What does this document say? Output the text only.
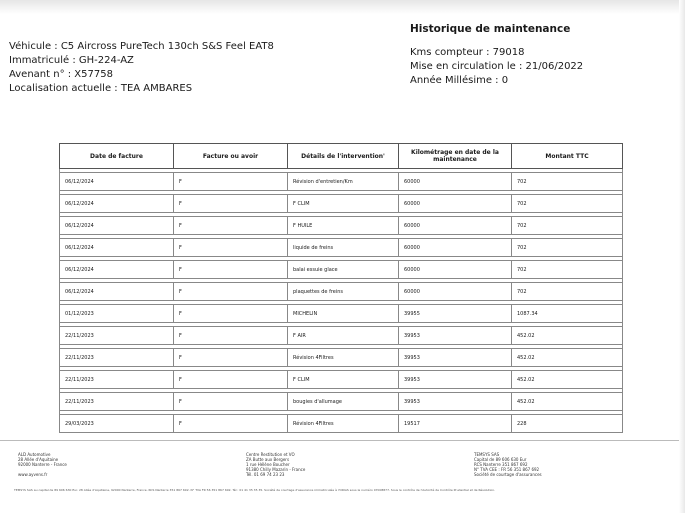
Véhicule : C5 Aircross PureTech 130ch S&S Feel EAT8
Immatriculé : GH-224-AZ
Avenant n° : X57758
Localisation actuelle : TEA AMBARES
Historique de maintenance
Kms compteur : 79018
Mise en circulation le : 21/06/2022
Année Millésime : 0
Date de facture	Facture ou avoir	Détails de l'intervention'	Kilométrage en date de la maintenance	Montant TTC

06/12/2024	F	Révision d'entretien/Km	60000	702

06/12/2024	F	F CLIM	60000	702

06/12/2024	F	F HUILE	60000	702

06/12/2024	F	liquide de freins	60000	702

06/12/2024	F	balai essuie glace	60000	702

06/12/2024	F	plaquettes de freins	60000	702

01/12/2023	F	MICHELIN	39955	1087.34

22/11/2023	F	F AIR	39953	452.02

22/11/2023	F	Révision 4Filtres	39953	452.02

22/11/2023	F	F CLIM	39953	452.02

22/11/2023	F	bougies d'allumage	39953	452.02

29/03/2023	F	Révision 4Filtres	19517	228
ALD Automotive
28 Allée d'Aquitaine
92000 Nanterre - France

www.ayvens.fr
Centre Restitution et VO
ZA Butte aux Bergers
1 rue Hélène Boucher
91380 Chilly Mazarin - France
Tél. 01 69 74 23 23
TEMSYS SAS
Capital de 89 606 630 Eur
RCS Nanterre 351 867 692
N° TVA CEE : FR 56 351 867 692
Société de courtage d'assurances
TEMSYS SAS au capital de 89 606 630 Eur. 28 Allée d'Aquitaine, 92000 Nanterre, France. RCS Nanterre 351 867 692. N° TVA FR 56 351 867 692. Tél : 01 41 35 35 35. Société de courtage d'assurance immatriculée à l'ORIAS sous le numéro 07008877. Sous le contrôle de l'Autorité de Contrôle Prudentiel et de Résolution.
